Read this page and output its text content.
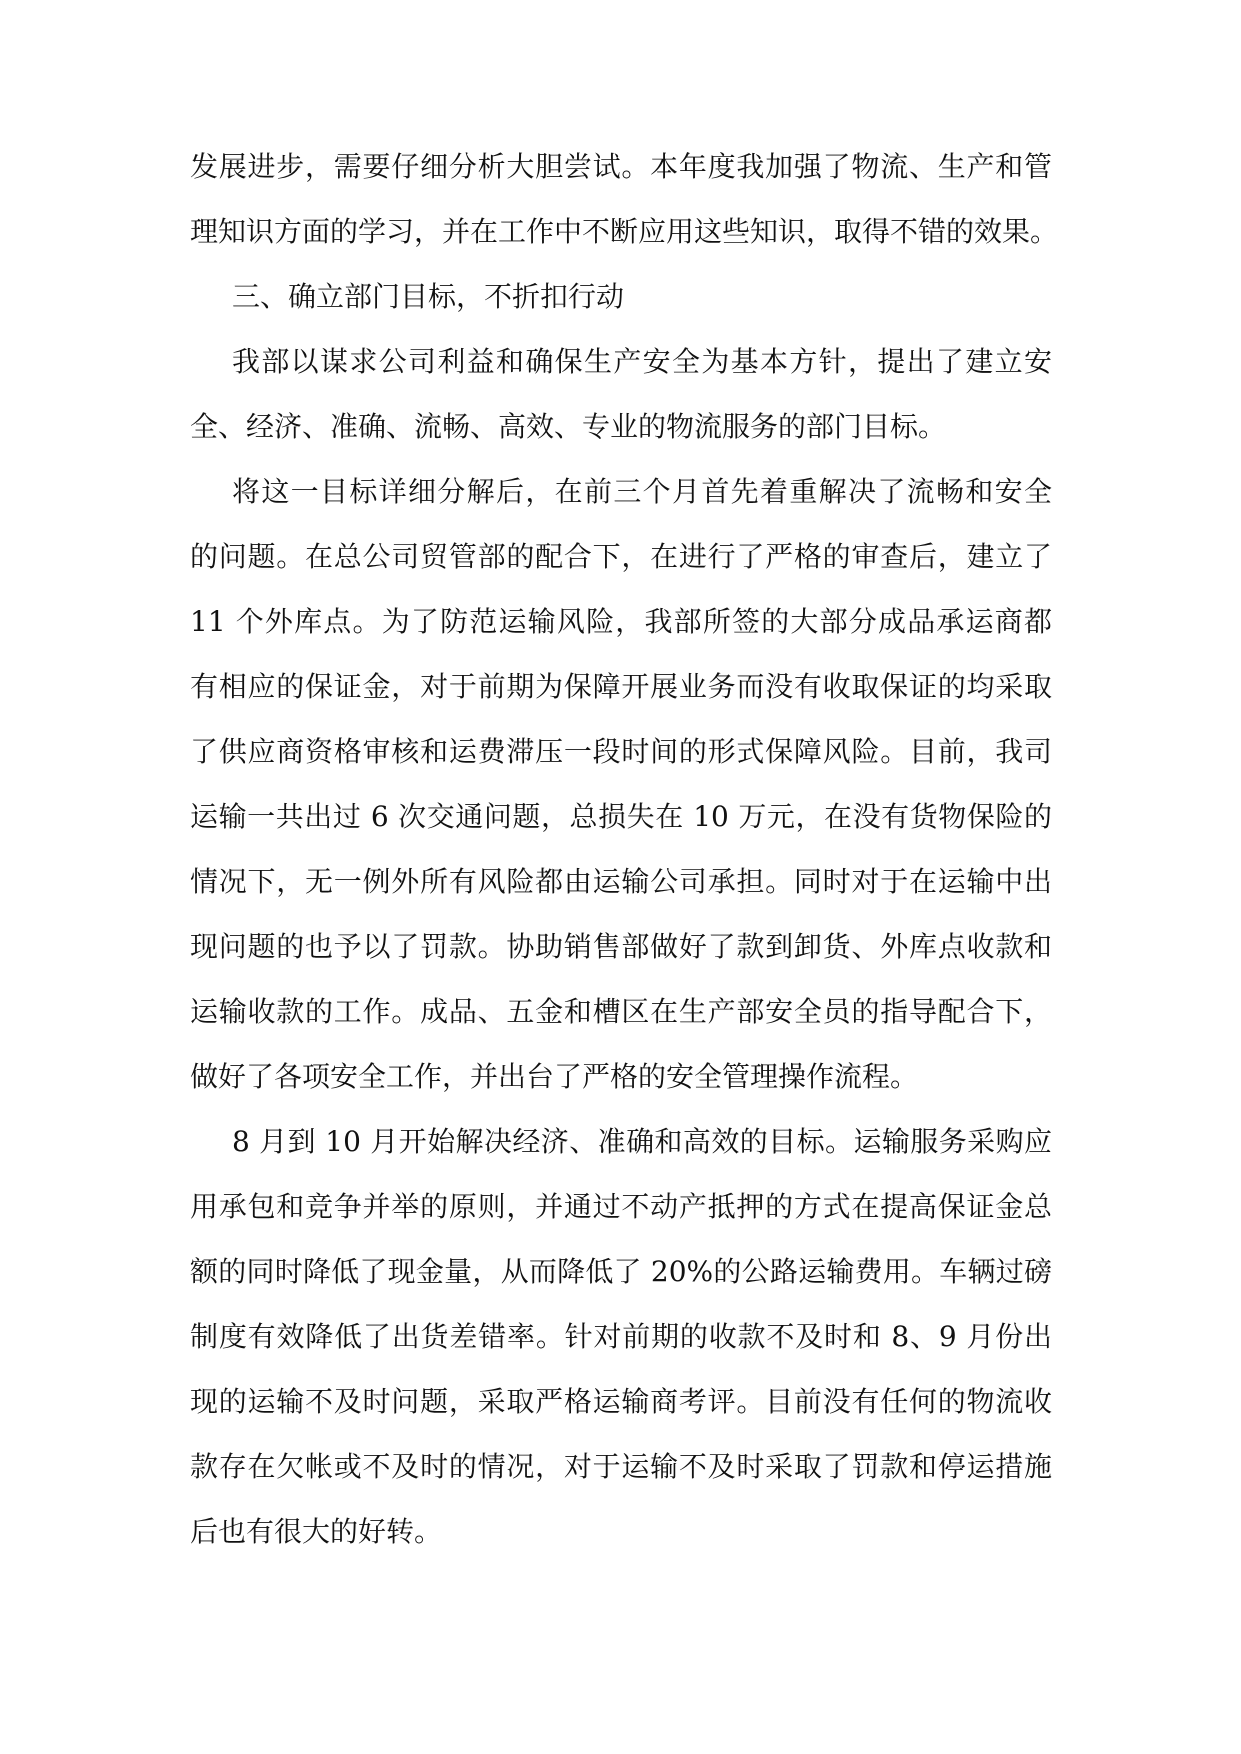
发展进步，需要仔细分析大胆尝试。本年度我加强了物流、生产和管
理知识方面的学习，并在工作中不断应用这些知识，取得不错的效果。
三、确立部门目标，不折扣行动
我部以谋求公司利益和确保生产安全为基本方针，提出了建立安
全、经济、准确、流畅、高效、专业的物流服务的部门目标。
将这一目标详细分解后，在前三个月首先着重解决了流畅和安全
的问题。在总公司贸管部的配合下，在进行了严格的审查后，建立了
11 个外库点。为了防范运输风险，我部所签的大部分成品承运商都
有相应的保证金，对于前期为保障开展业务而没有收取保证的均采取
了供应商资格审核和运费滞压一段时间的形式保障风险。目前，我司
运输一共出过 6 次交通问题，总损失在 10 万元，在没有货物保险的
情况下，无一例外所有风险都由运输公司承担。同时对于在运输中出
现问题的也予以了罚款。协助销售部做好了款到卸货、外库点收款和
运输收款的工作。成品、五金和槽区在生产部安全员的指导配合下，
做好了各项安全工作，并出台了严格的安全管理操作流程。
8 月到 10 月开始解决经济、准确和高效的目标。运输服务采购应
用承包和竞争并举的原则，并通过不动产抵押的方式在提高保证金总
额的同时降低了现金量，从而降低了 20%的公路运输费用。车辆过磅
制度有效降低了出货差错率。针对前期的收款不及时和 8、9 月份出
现的运输不及时问题，采取严格运输商考评。目前没有任何的物流收
款存在欠帐或不及时的情况，对于运输不及时采取了罚款和停运措施
后也有很大的好转。
